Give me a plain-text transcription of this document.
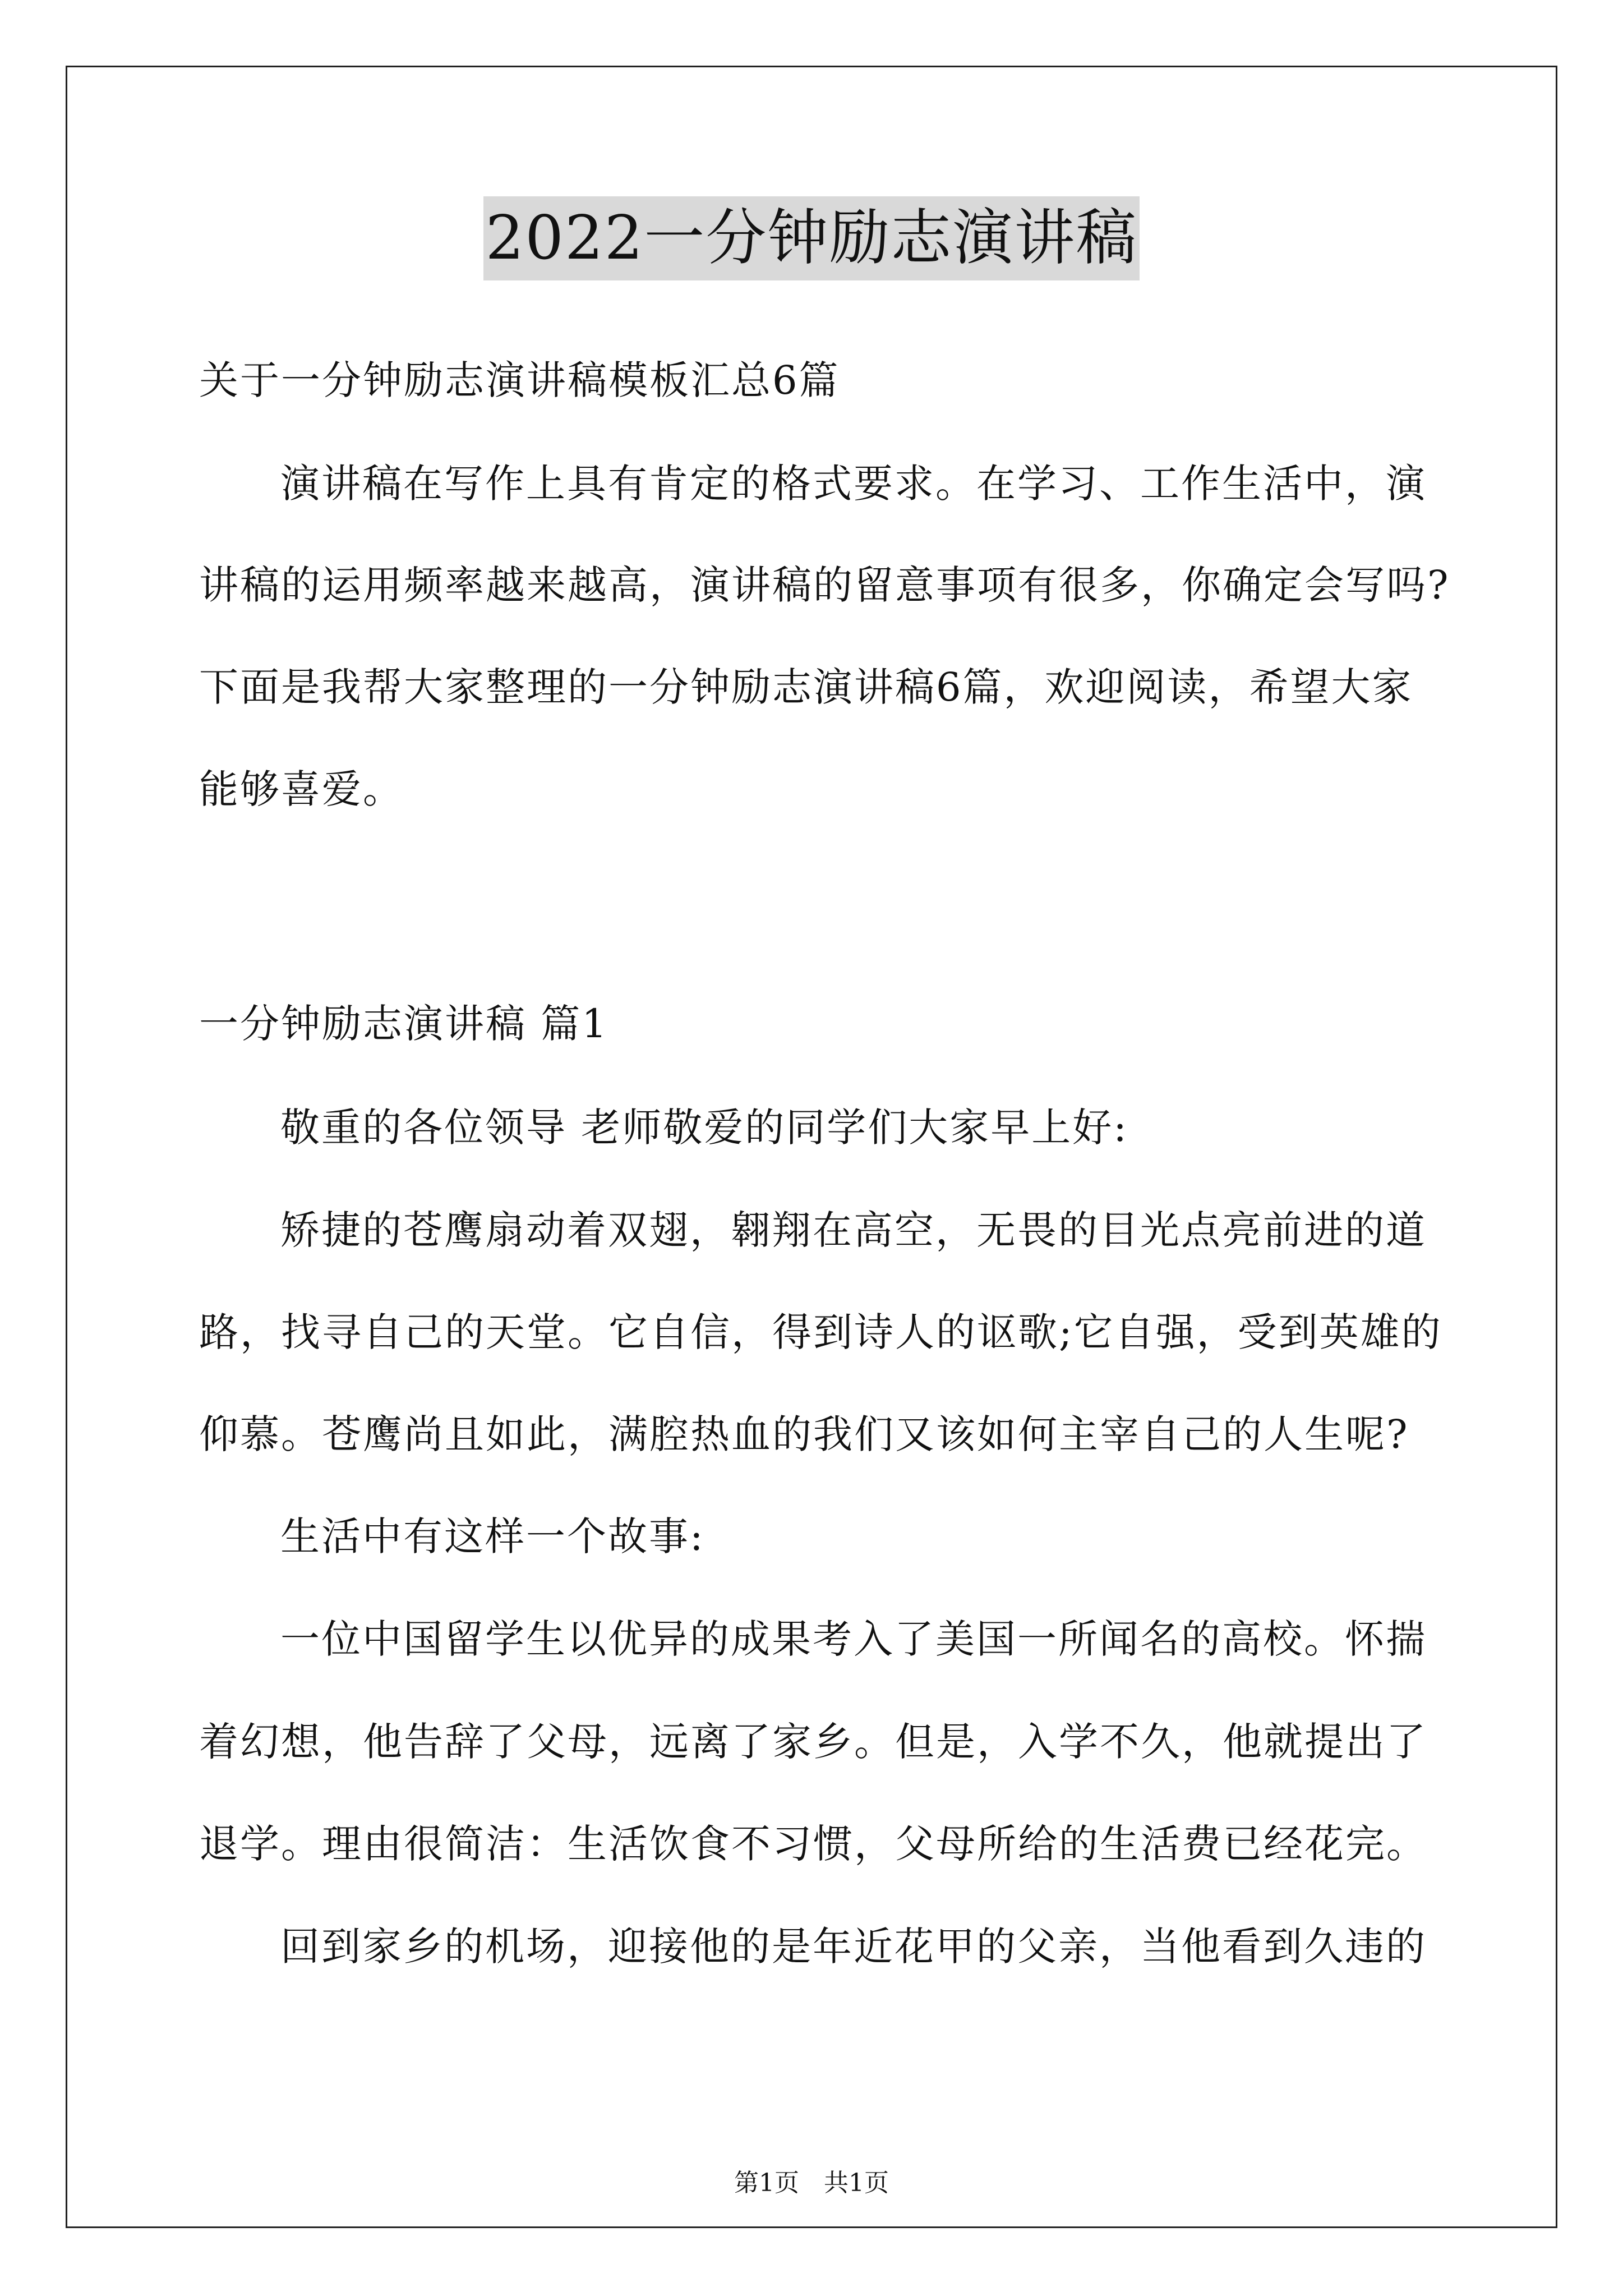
2022一分钟励志演讲稿
关于一分钟励志演讲稿模板汇总6篇
演讲稿在写作上具有肯定的格式要求。在学习、工作生活中，演
讲稿的运用频率越来越高，演讲稿的留意事项有很多，你确定会写吗?
下面是我帮大家整理的一分钟励志演讲稿6篇，欢迎阅读，希望大家
能够喜爱。
一分钟励志演讲稿 篇1
敬重的各位领导 老师敬爱的同学们大家早上好:
矫捷的苍鹰扇动着双翅，翱翔在高空，无畏的目光点亮前进的道
路，找寻自己的天堂。它自信，得到诗人的讴歌;它自强，受到英雄的
仰慕。苍鹰尚且如此，满腔热血的我们又该如何主宰自己的人生呢?
生活中有这样一个故事:
一位中国留学生以优异的成果考入了美国一所闻名的高校。怀揣
着幻想，他告辞了父母，远离了家乡。但是，入学不久，他就提出了
退学。理由很简洁：生活饮食不习惯，父母所给的生活费已经花完。
回到家乡的机场，迎接他的是年近花甲的父亲，当他看到久违的
第1页　共1页
